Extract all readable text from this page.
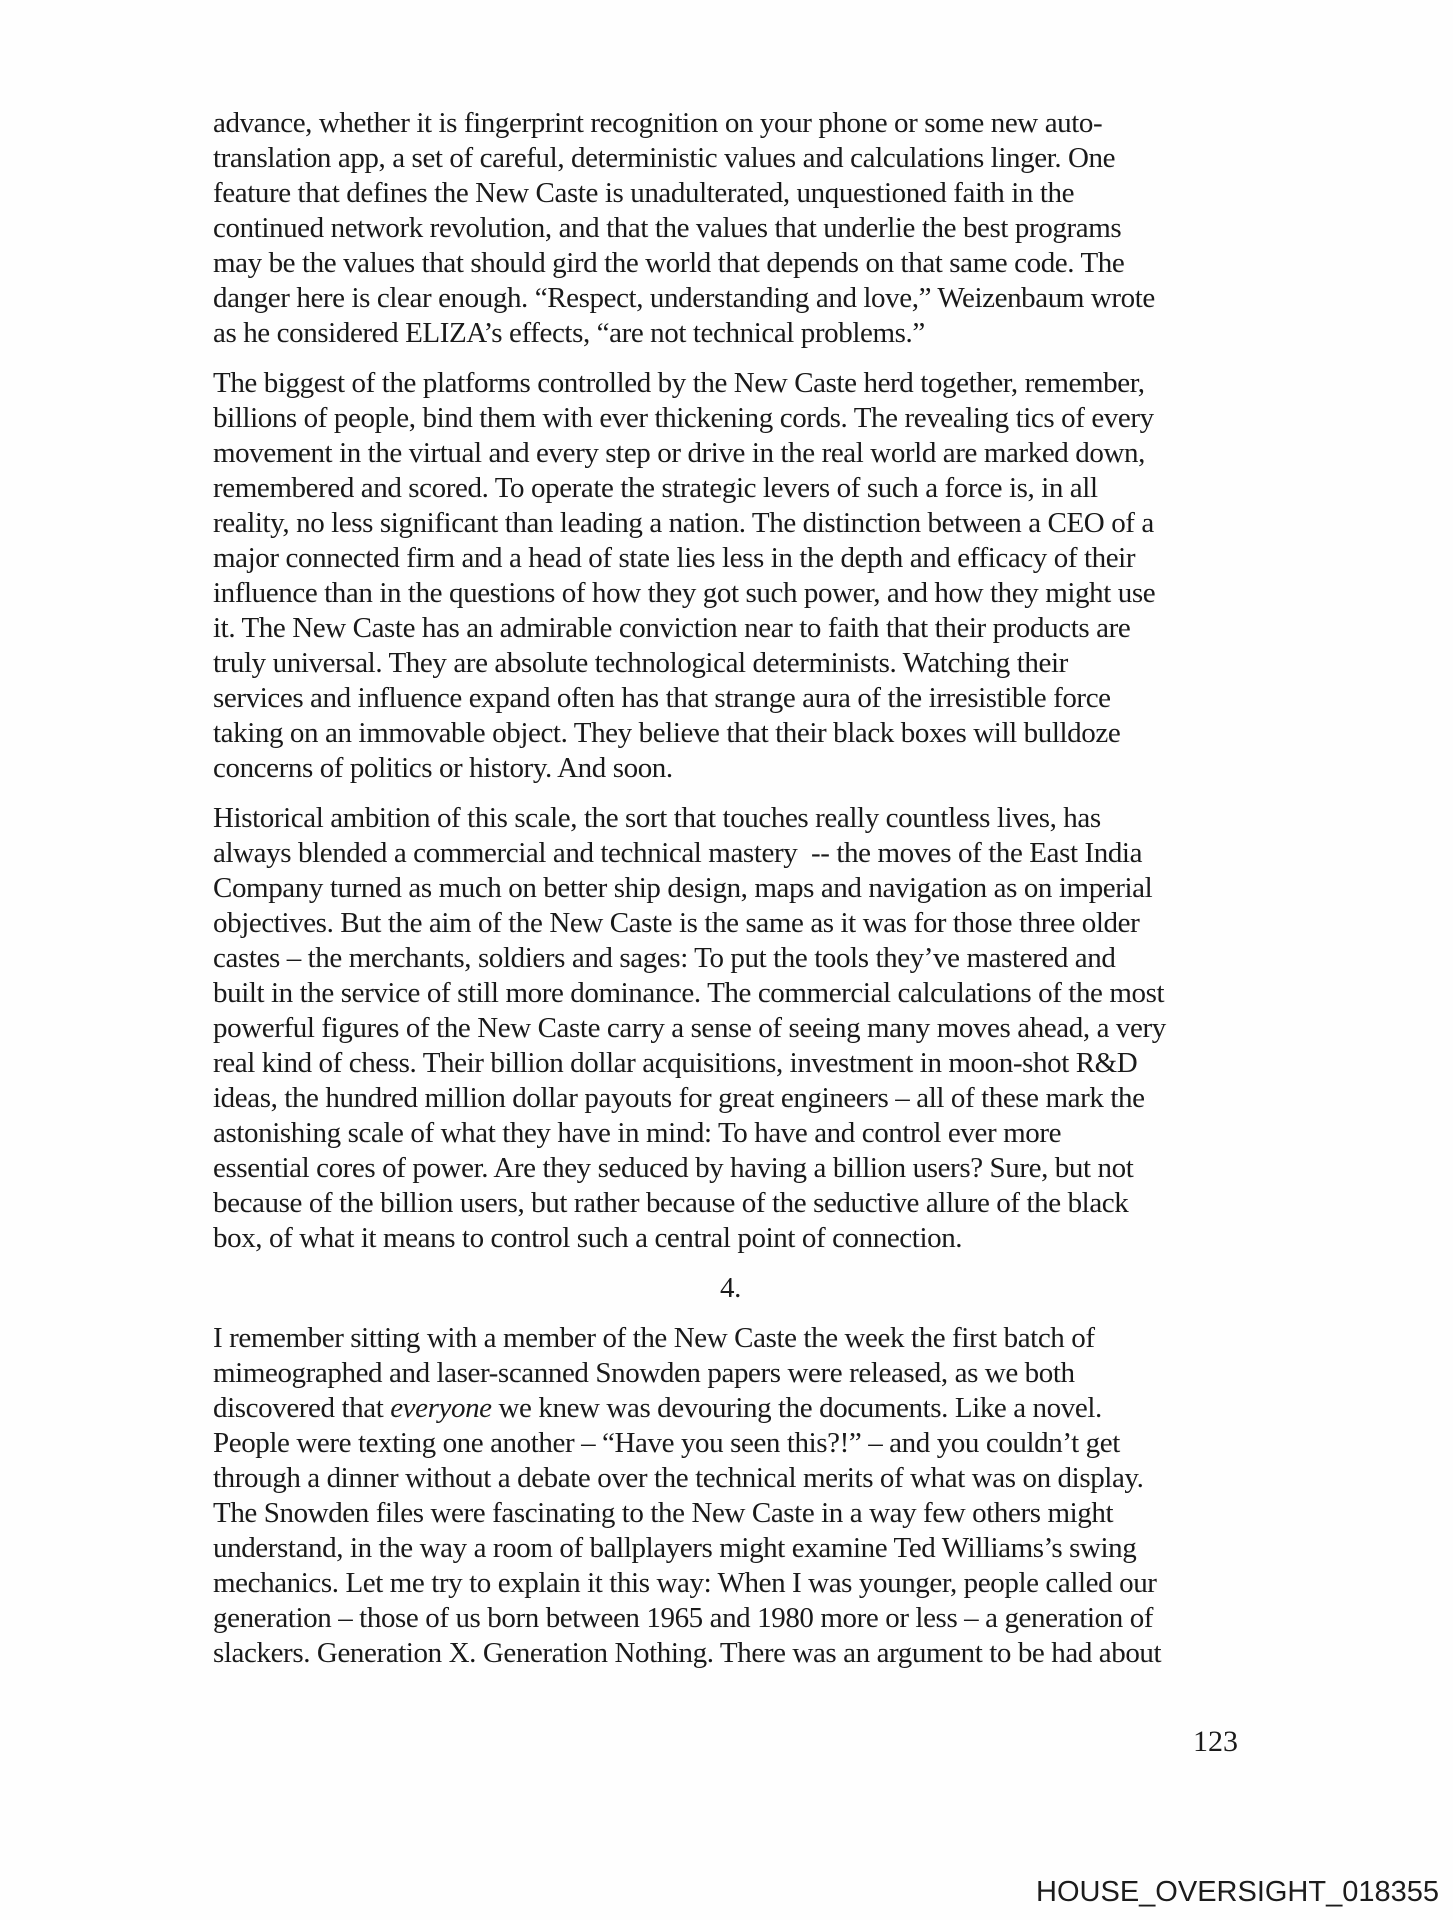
advance, whether it is fingerprint recognition on your phone or some new auto-
translation app, a set of careful, deterministic values and calculations linger. One
feature that defines the New Caste is unadulterated, unquestioned faith in the
continued network revolution, and that the values that underlie the best programs
may be the values that should gird the world that depends on that same code. The
danger here is clear enough. “Respect, understanding and love,” Weizenbaum wrote
as he considered ELIZA’s effects, “are not technical problems.”
The biggest of the platforms controlled by the New Caste herd together, remember,
billions of people, bind them with ever thickening cords. The revealing tics of every
movement in the virtual and every step or drive in the real world are marked down,
remembered and scored. To operate the strategic levers of such a force is, in all
reality, no less significant than leading a nation. The distinction between a CEO of a
major connected firm and a head of state lies less in the depth and efficacy of their
influence than in the questions of how they got such power, and how they might use
it. The New Caste has an admirable conviction near to faith that their products are
truly universal. They are absolute technological determinists. Watching their
services and influence expand often has that strange aura of the irresistible force
taking on an immovable object. They believe that their black boxes will bulldoze
concerns of politics or history. And soon.
Historical ambition of this scale, the sort that touches really countless lives, has
always blended a commercial and technical mastery  -- the moves of the East India
Company turned as much on better ship design, maps and navigation as on imperial
objectives. But the aim of the New Caste is the same as it was for those three older
castes – the merchants, soldiers and sages: To put the tools they’ve mastered and
built in the service of still more dominance. The commercial calculations of the most
powerful figures of the New Caste carry a sense of seeing many moves ahead, a very
real kind of chess. Their billion dollar acquisitions, investment in moon-shot R&D
ideas, the hundred million dollar payouts for great engineers – all of these mark the
astonishing scale of what they have in mind: To have and control ever more
essential cores of power. Are they seduced by having a billion users? Sure, but not
because of the billion users, but rather because of the seductive allure of the black
box, of what it means to control such a central point of connection.
4.
I remember sitting with a member of the New Caste the week the first batch of
mimeographed and laser-scanned Snowden papers were released, as we both
discovered that everyone we knew was devouring the documents. Like a novel.
People were texting one another – “Have you seen this?!” – and you couldn’t get
through a dinner without a debate over the technical merits of what was on display.
The Snowden files were fascinating to the New Caste in a way few others might
understand, in the way a room of ballplayers might examine Ted Williams’s swing
mechanics. Let me try to explain it this way: When I was younger, people called our
generation – those of us born between 1965 and 1980 more or less – a generation of
slackers. Generation X. Generation Nothing. There was an argument to be had about
123
HOUSE_OVERSIGHT_018355
